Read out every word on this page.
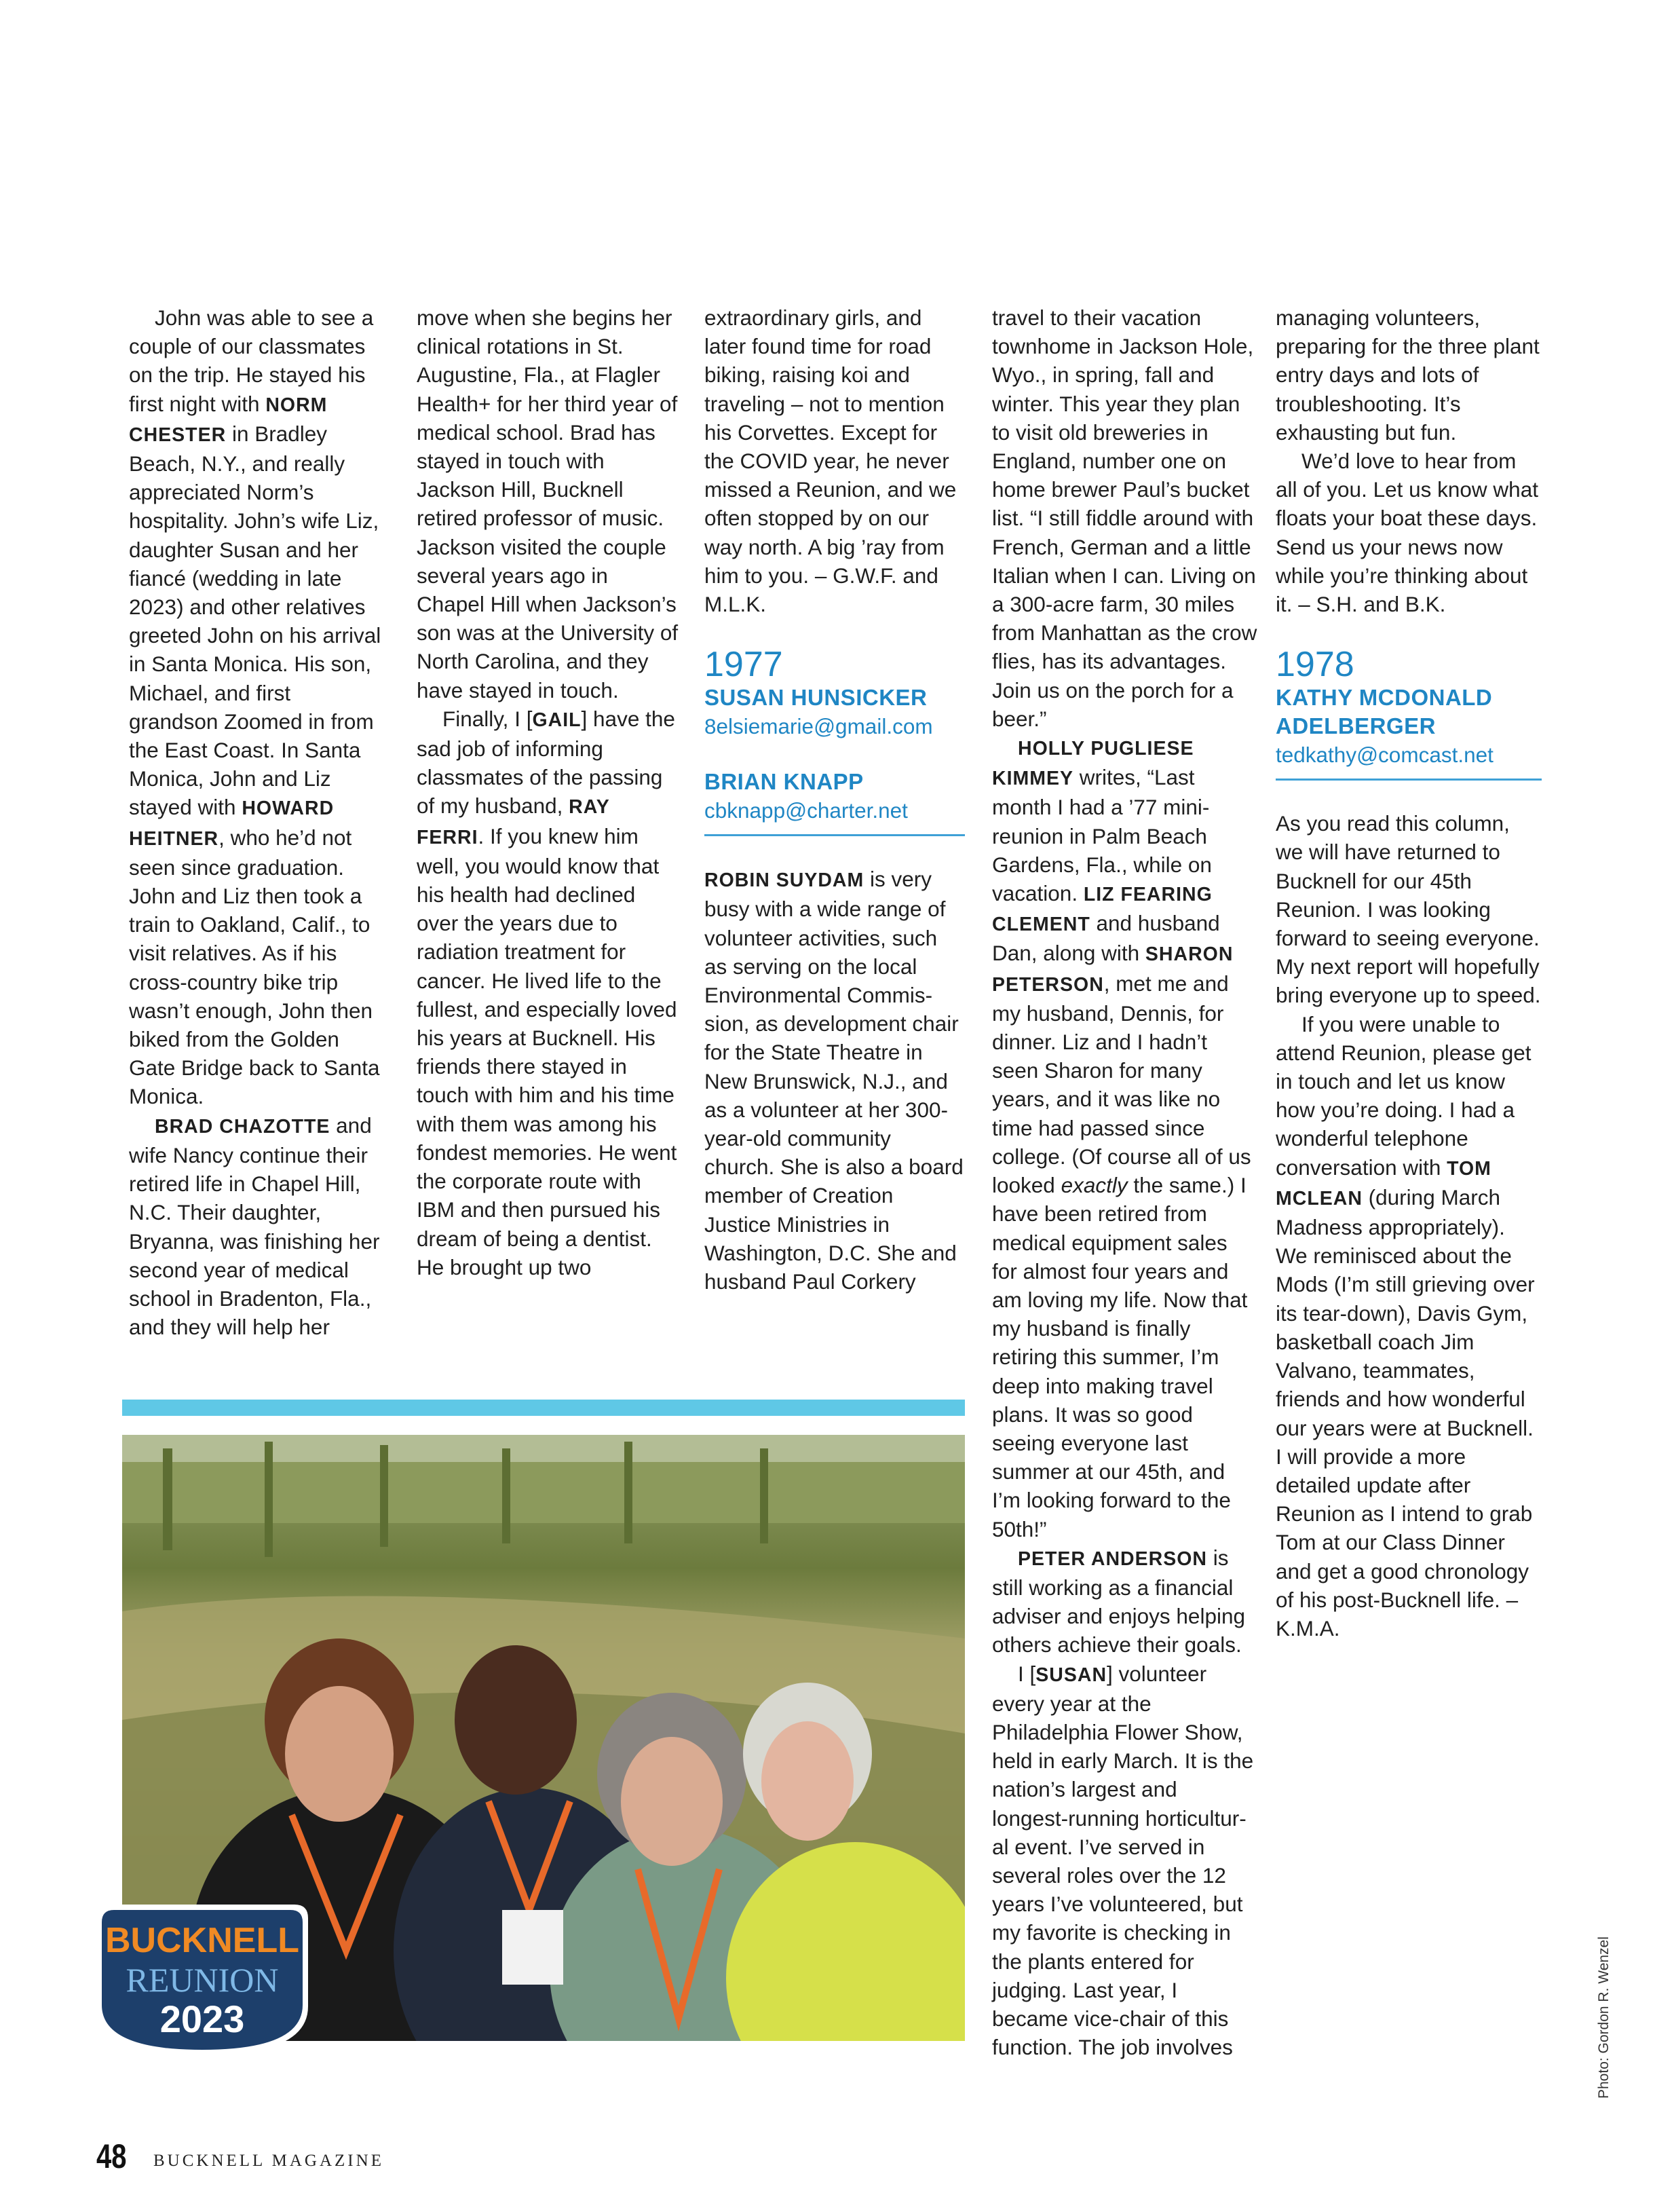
John was able to see a couple of our classmates on the trip. He stayed his first night with NORM CHESTER in Bradley Beach, N.Y., and really appreciated Norm’s hospitality. John’s wife Liz, daughter Susan and her fiancé (wedding in late 2023) and other relatives greeted John on his arrival in Santa Monica. His son, Michael, and first grandson Zoomed in from the East Coast. In Santa Monica, John and Liz stayed with HOWARD HEITNER, who he’d not seen since graduation. John and Liz then took a train to Oakland, Calif., to visit relatives. As if his cross-country bike trip wasn’t enough, John then biked from the Golden Gate Bridge back to Santa Monica.

BRAD CHAZOTTE and wife Nancy continue their retired life in Chapel Hill, N.C. Their daughter, Bryanna, was finishing her second year of medical school in Bradenton, Fla., and they will help her

move when she begins her clinical rotations in St. Augustine, Fla., at Flagler Health+ for her third year of medical school. Brad has stayed in touch with Jackson Hill, Bucknell retired professor of music. Jackson visited the couple several years ago in Chapel Hill when Jackson’s son was at the University of North Carolina, and they have stayed in touch.

Finally, I [GAIL] have the sad job of informing classmates of the passing of my husband, RAY FERRI. If you knew him well, you would know that his health had declined over the years due to radiation treatment for cancer. He lived life to the fullest, and especially loved his years at Bucknell. His friends there stayed in touch with him and his time with them was among his fondest memories. He went the corporate route with IBM and then pursued his dream of being a dentist. He brought up two

extraordinary girls, and later found time for road biking, raising koi and traveling – not to mention his Corvettes. Except for the COVID year, he never missed a Reunion, and we often stopped by on our way north. A big ’ray from him to you. – G.W.F. and M.L.K.

1977
SUSAN HUNSICKER
8elsiemarie@gmail.com
BRIAN KNAPP
cbknapp@charter.net

ROBIN SUYDAM is very busy with a wide range of volunteer activities, such as serving on the local Environmental Commis-sion, as development chair for the State Theatre in New Brunswick, N.J., and as a volunteer at her 300-year-old community church. She is also a board member of Creation Justice Ministries in Washington, D.C. She and husband Paul Corkery

travel to their vacation townhome in Jackson Hole, Wyo., in spring, fall and winter. This year they plan to visit old breweries in England, number one on home brewer Paul’s bucket list. “I still fiddle around with French, German and a little Italian when I can. Living on a 300-acre farm, 30 miles from Manhattan as the crow flies, has its advantages. Join us on the porch for a beer.”

HOLLY PUGLIESE KIMMEY writes, “Last month I had a ’77 mini-reunion in Palm Beach Gardens, Fla., while on vacation. LIZ FEARING CLEMENT and husband Dan, along with SHARON PETERSON, met me and my husband, Dennis, for dinner. Liz and I hadn’t seen Sharon for many years, and it was like no time had passed since college. (Of course all of us looked exactly the same.) I have been retired from medical equipment sales for almost four years and am loving my life. Now that my husband is finally retiring this summer, I’m deep into making travel plans. It was so good seeing everyone last summer at our 45th, and I’m looking forward to the 50th!”

PETER ANDERSON is still working as a financial adviser and enjoys helping others achieve their goals.

I [SUSAN] volunteer every year at the Philadelphia Flower Show, held in early March. It is the nation’s largest and longest-running horticultur-al event. I’ve served in several roles over the 12 years I’ve volunteered, but my favorite is checking in the plants entered for judging. Last year, I became vice-chair of this function. The job involves

managing volunteers, preparing for the three plant entry days and lots of troubleshooting. It’s exhausting but fun.

We’d love to hear from all of you. Let us know what floats your boat these days. Send us your news now while you’re thinking about it. – S.H. and B.K.

1978
KATHY MCDONALD
ADELBERGER
tedkathy@comcast.net

As you read this column, we will have returned to Bucknell for our 45th Reunion. I was looking forward to seeing everyone. My next report will hopefully bring everyone up to speed.

If you were unable to attend Reunion, please get in touch and let us know how you’re doing. I had a wonderful telephone conversation with TOM MCLEAN (during March Madness appropriately). We reminisced about the Mods (I’m still grieving over its tear-down), Davis Gym, basketball coach Jim Valvano, teammates, friends and how wonderful our years were at Bucknell. I will provide a more detailed update after Reunion as I intend to grab Tom at our Class Dinner and get a good chronology of his post-Bucknell life. – K.M.A.

BUCKNELL
REUNION
2023	Photo: Gordon R. Wenzel
48 BUCKNELL MAGAZINE
